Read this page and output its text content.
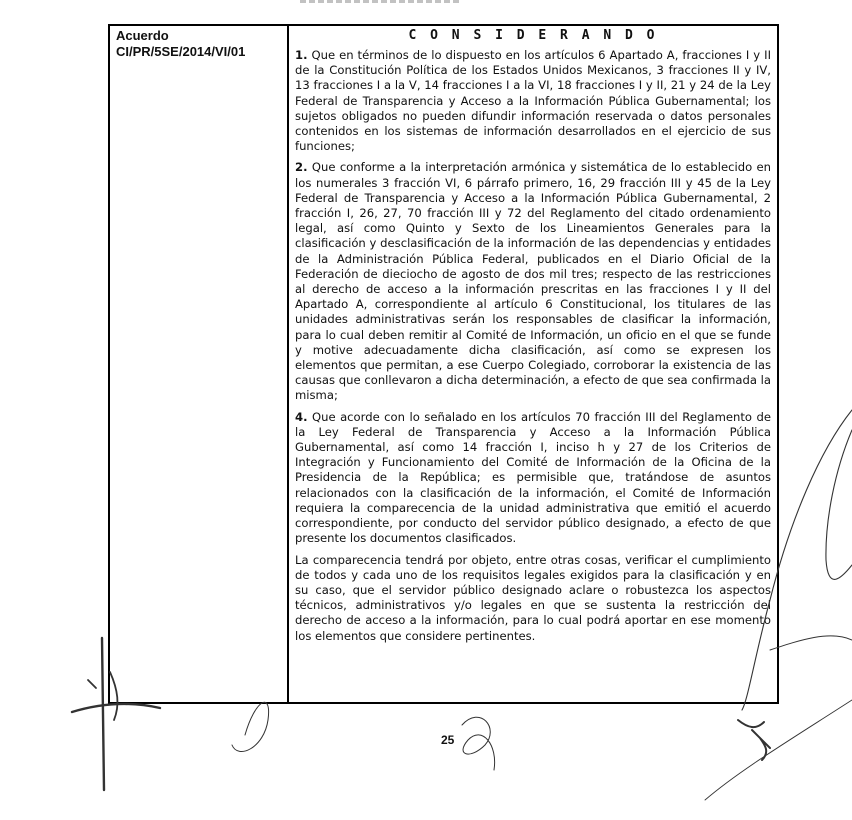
Acuerdo
CI/PR/5SE/2014/VI/01
C O N S I D E R A N D O

1. Que en términos de lo dispuesto en los artículos 6 Apartado A, fracciones I y II de la Constitución Política de los Estados Unidos Mexicanos, 3 fracciones II y IV, 13 fracciones I a la V, 14 fracciones I a la VI, 18 fracciones I y II, 21 y 24 de la Ley Federal de Transparencia y Acceso a la Información Pública Gubernamental; los sujetos obligados no pueden difundir información reservada o datos personales contenidos en los sistemas de información desarrollados en el ejercicio de sus funciones;

2. Que conforme a la interpretación armónica y sistemática de lo establecido en los numerales 3 fracción VI, 6 párrafo primero, 16, 29 fracción III y 45 de la Ley Federal de Transparencia y Acceso a la Información Pública Gubernamental, 2 fracción I, 26, 27, 70 fracción III y 72 del Reglamento del citado ordenamiento legal, así como Quinto y Sexto de los Lineamientos Generales para la clasificación y desclasificación de la información de las dependencias y entidades de la Administración Pública Federal, publicados en el Diario Oficial de la Federación de dieciocho de agosto de dos mil tres; respecto de las restricciones al derecho de acceso a la información prescritas en las fracciones I y II del Apartado A, correspondiente al artículo 6 Constitucional, los titulares de las unidades administrativas serán los responsables de clasificar la información, para lo cual deben remitir al Comité de Información, un oficio en el que se funde y motive adecuadamente dicha clasificación, así como se expresen los elementos que permitan, a ese Cuerpo Colegiado, corroborar la existencia de las causas que conllevaron a dicha determinación, a efecto de que sea confirmada la misma;

4. Que acorde con lo señalado en los artículos 70 fracción III del Reglamento de la Ley Federal de Transparencia y Acceso a la Información Pública Gubernamental, así como 14 fracción I, inciso h y 27 de los Criterios de Integración y Funcionamiento del Comité de Información de la Oficina de la Presidencia de la República; es permisible que, tratándose de asuntos relacionados con la clasificación de la información, el Comité de Información requiera la comparecencia de la unidad administrativa que emitió el acuerdo correspondiente, por conducto del servidor público designado, a efecto de que presente los documentos clasificados.

La comparecencia tendrá por objeto, entre otras cosas, verificar el cumplimiento de todos y cada uno de los requisitos legales exigidos para la clasificación y en su caso, que el servidor público designado aclare o robustezca los aspectos técnicos, administrativos y/o legales en que se sustenta la restricción del derecho de acceso a la información, para lo cual podrá aportar en ese momento los elementos que considere pertinentes.

25
